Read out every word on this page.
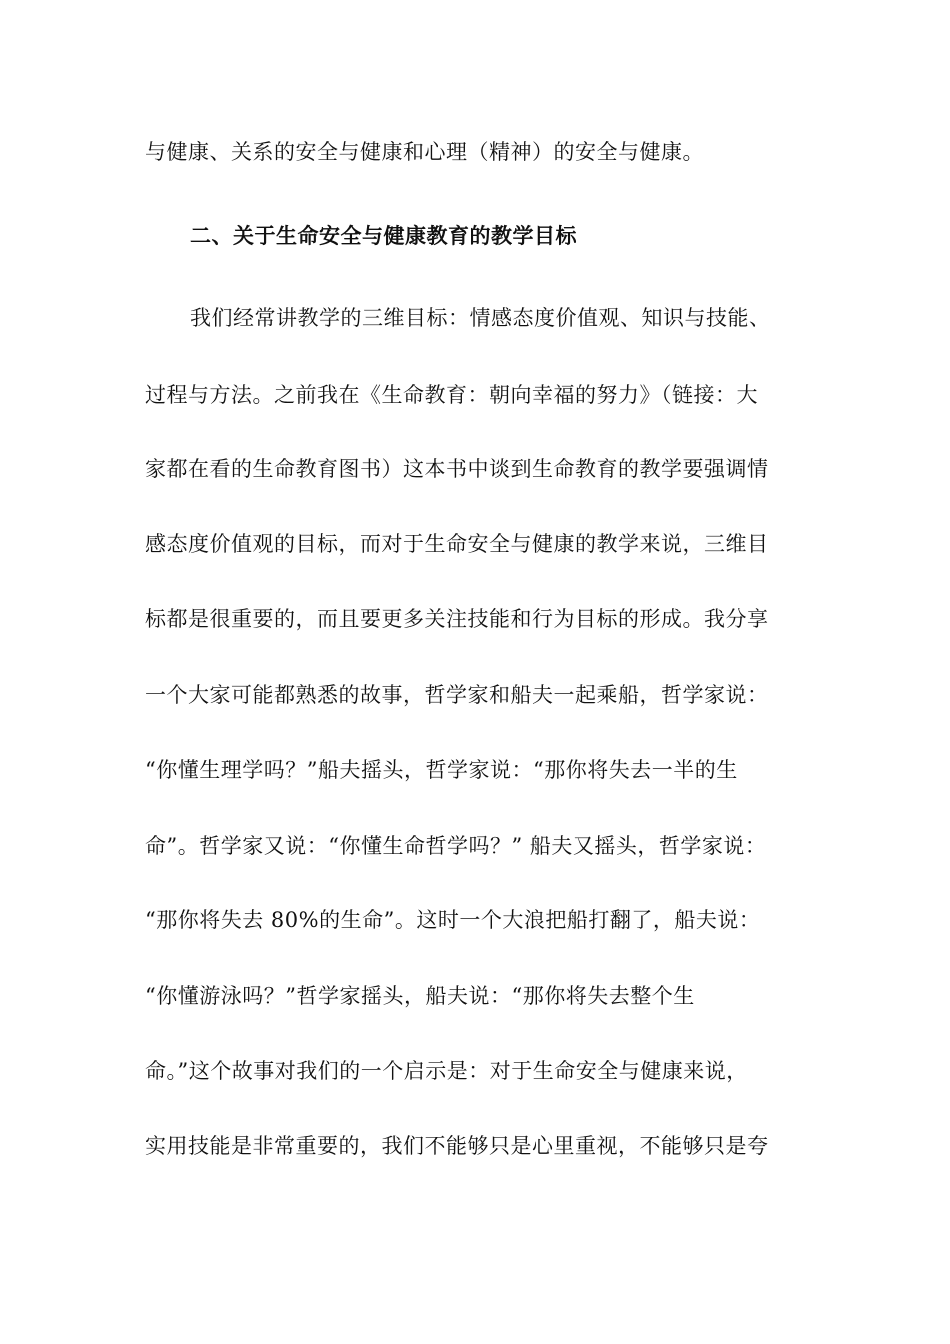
与健康、关系的安全与健康和心理（精神）的安全与健康。
二、关于生命安全与健康教育的教学目标
我们经常讲教学的三维目标：情感态度价值观、知识与技能、
过程与方法。之前我在《生命教育：朝向幸福的努力》（链接：大
家都在看的生命教育图书）这本书中谈到生命教育的教学要强调情
感态度价值观的目标，而对于生命安全与健康的教学来说，三维目
标都是很重要的，而且要更多关注技能和行为目标的形成。我分享
一个大家可能都熟悉的故事，哲学家和船夫一起乘船，哲学家说：
“你懂生理学吗？”船夫摇头，哲学家说：“那你将失去一半的生
命”。哲学家又说：“你懂生命哲学吗？” 船夫又摇头，哲学家说：
“那你将失去 80%的生命”。这时一个大浪把船打翻了，船夫说：
“你懂游泳吗？”哲学家摇头，船夫说：“那你将失去整个生
命。”这个故事对我们的一个启示是：对于生命安全与健康来说，
实用技能是非常重要的，我们不能够只是心里重视，不能够只是夸
